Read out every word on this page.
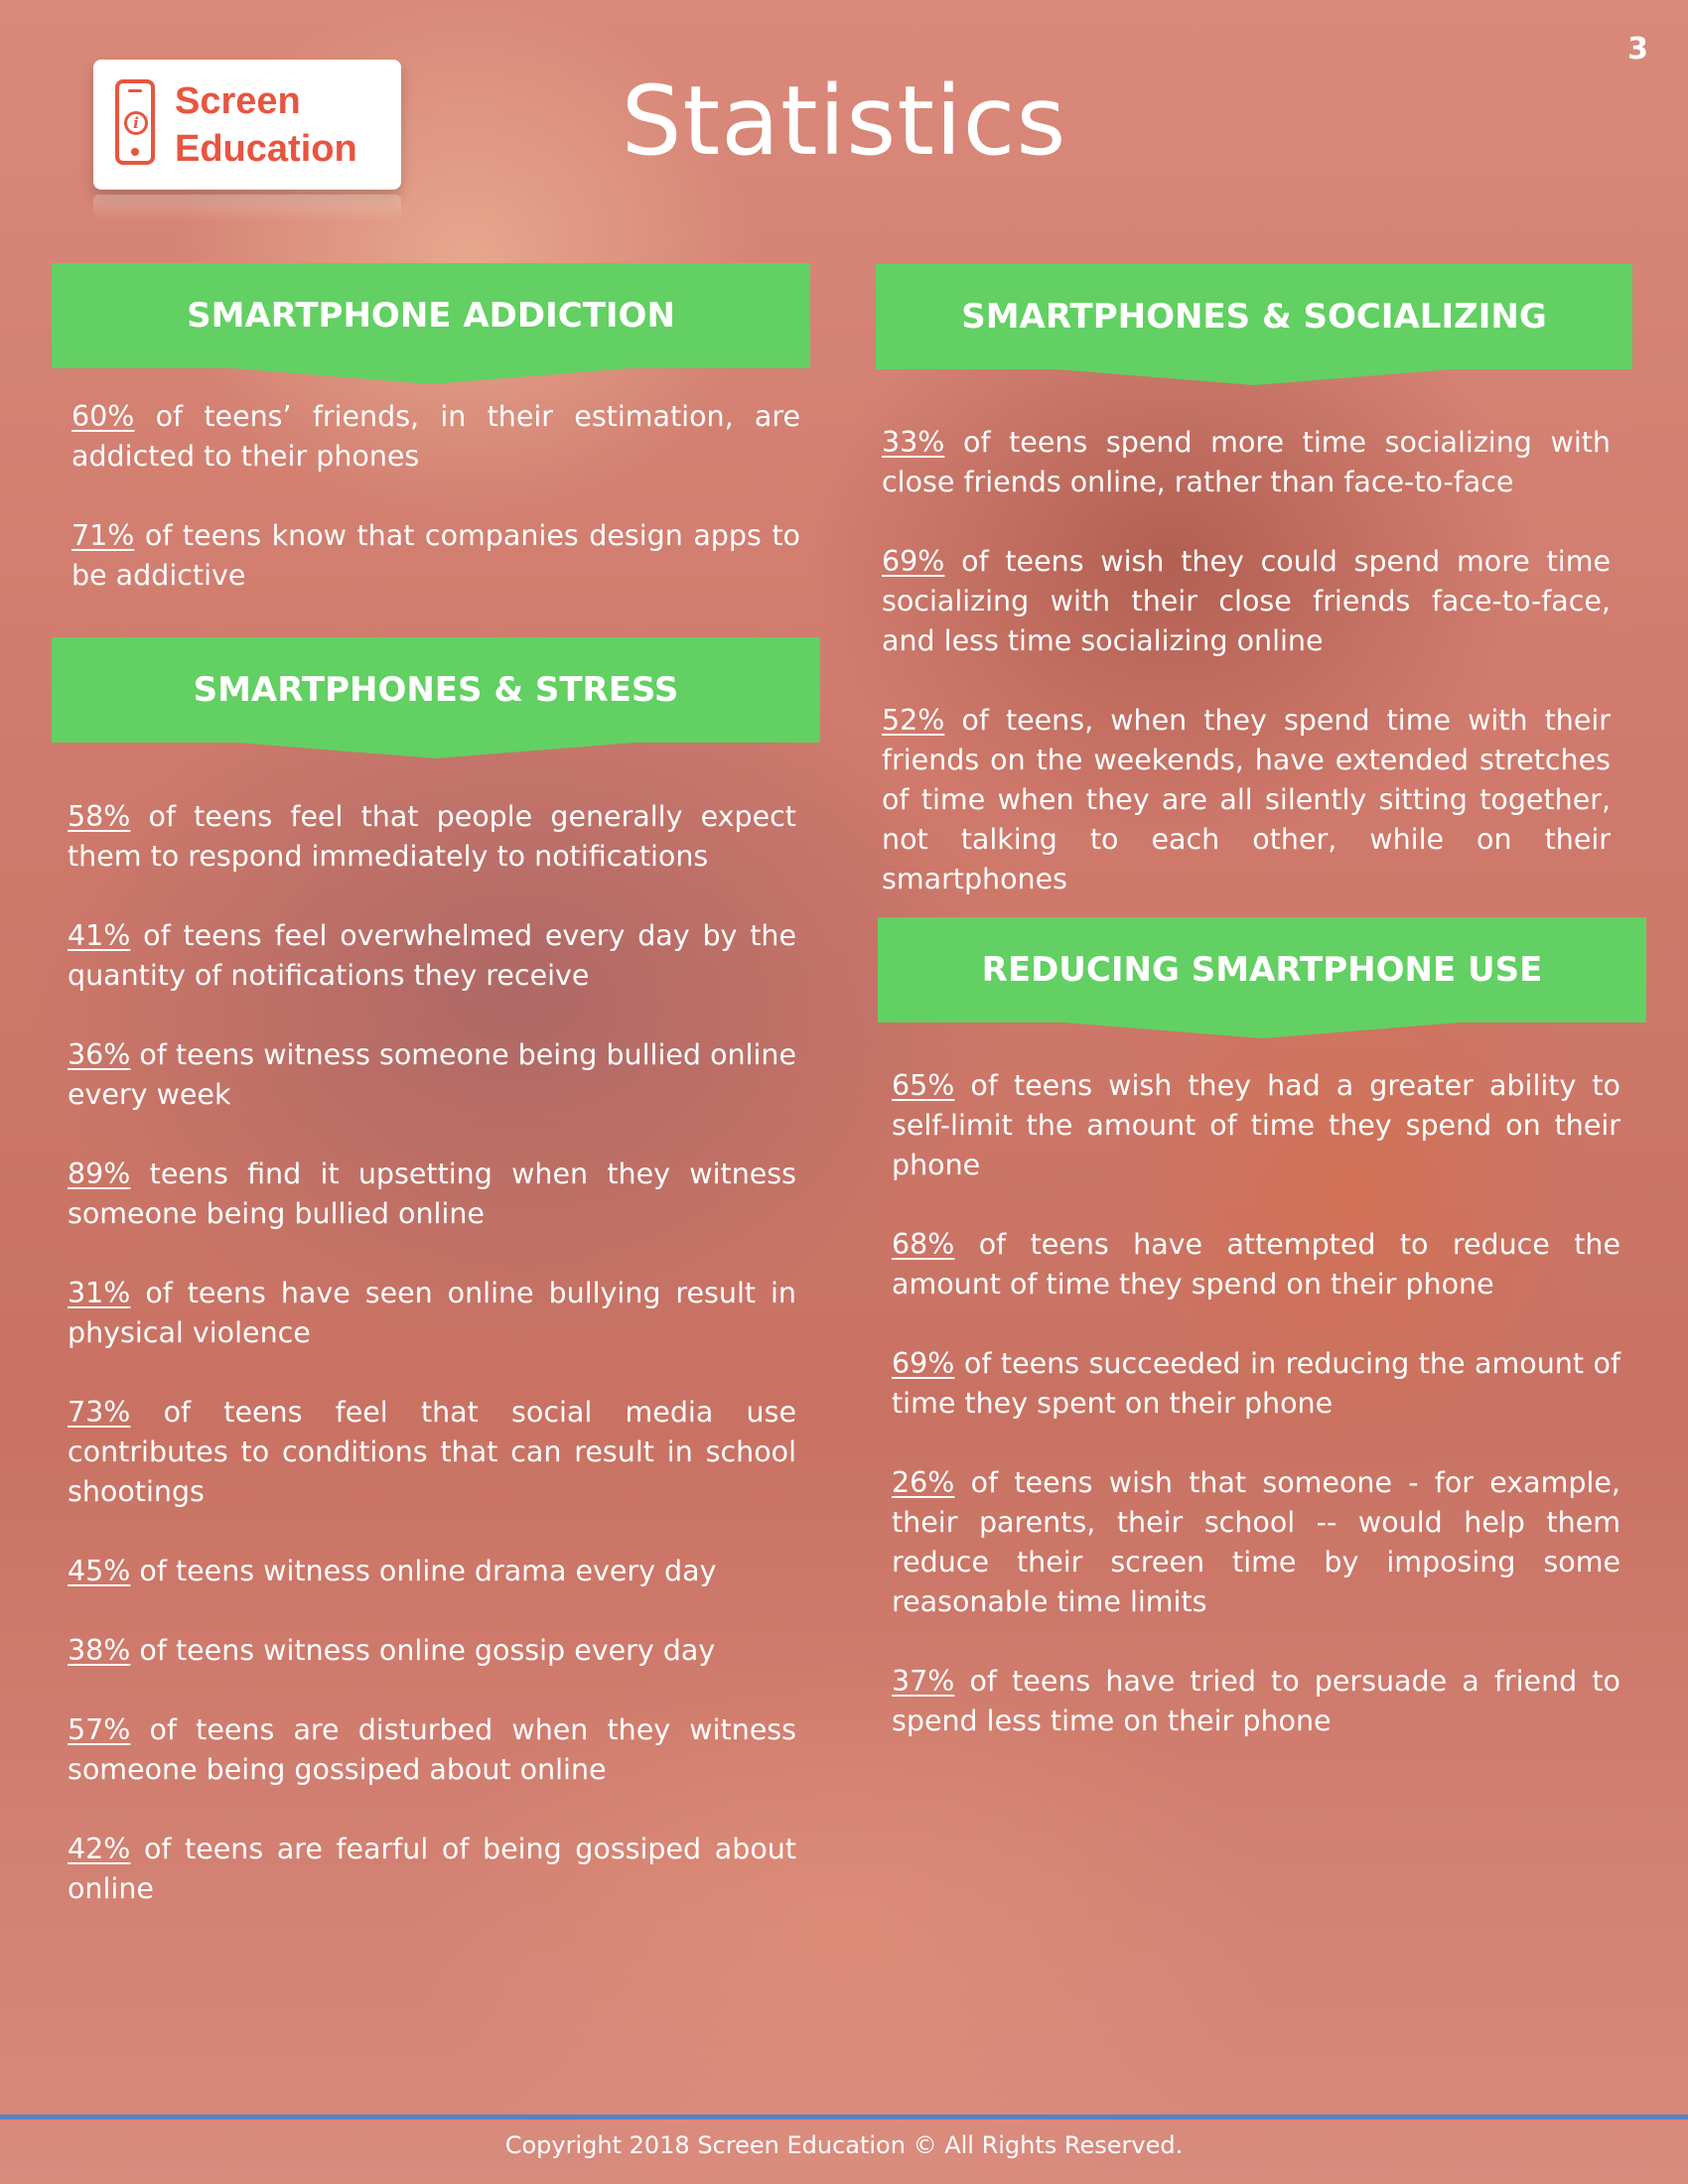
3
i
Screen
Education	Statistics
SMARTPHONE ADDICTION	SMARTPHONES & SOCIALIZING
SMARTPHONES & STRESS
REDUCING SMARTPHONE USE
60% of teens’ friends, in their estimation, are addicted to their phones
71% of teens know that companies design apps to be addictive
58% of teens feel that people generally expect them to respond immediately to notifications
41% of teens feel overwhelmed every day by the quantity of notifications they receive
36% of teens witness someone being bullied online every week
89% teens find it upsetting when they witness someone being bullied online
31% of teens have seen online bullying result in physical violence
73% of teens feel that social media use contributes to conditions that can result in school shootings
45% of teens witness online drama every day
38% of teens witness online gossip every day
57% of teens are disturbed when they witness someone being gossiped about online
42% of teens are fearful of being gossiped about online
33% of teens spend more time socializing with close friends online, rather than face-to-face
69% of teens wish they could spend more time socializing with their close friends face-to-face, and less time socializing online
52% of teens, when they spend time with their friends on the weekends, have extended stretches of time when they are all silently sitting together, not talking to each other, while on their smartphones
65% of teens wish they had a greater ability to self-limit the amount of time they spend on their phone
68% of teens have attempted to reduce the amount of time they spend on their phone
69% of teens succeeded in reducing the amount of time they spent on their phone
26% of teens wish that someone - for example, their parents, their school -- would help them reduce their screen time by imposing some reasonable time limits
37% of teens have tried to persuade a friend to spend less time on their phone
Copyright 2018 Screen Education © All Rights Reserved.
